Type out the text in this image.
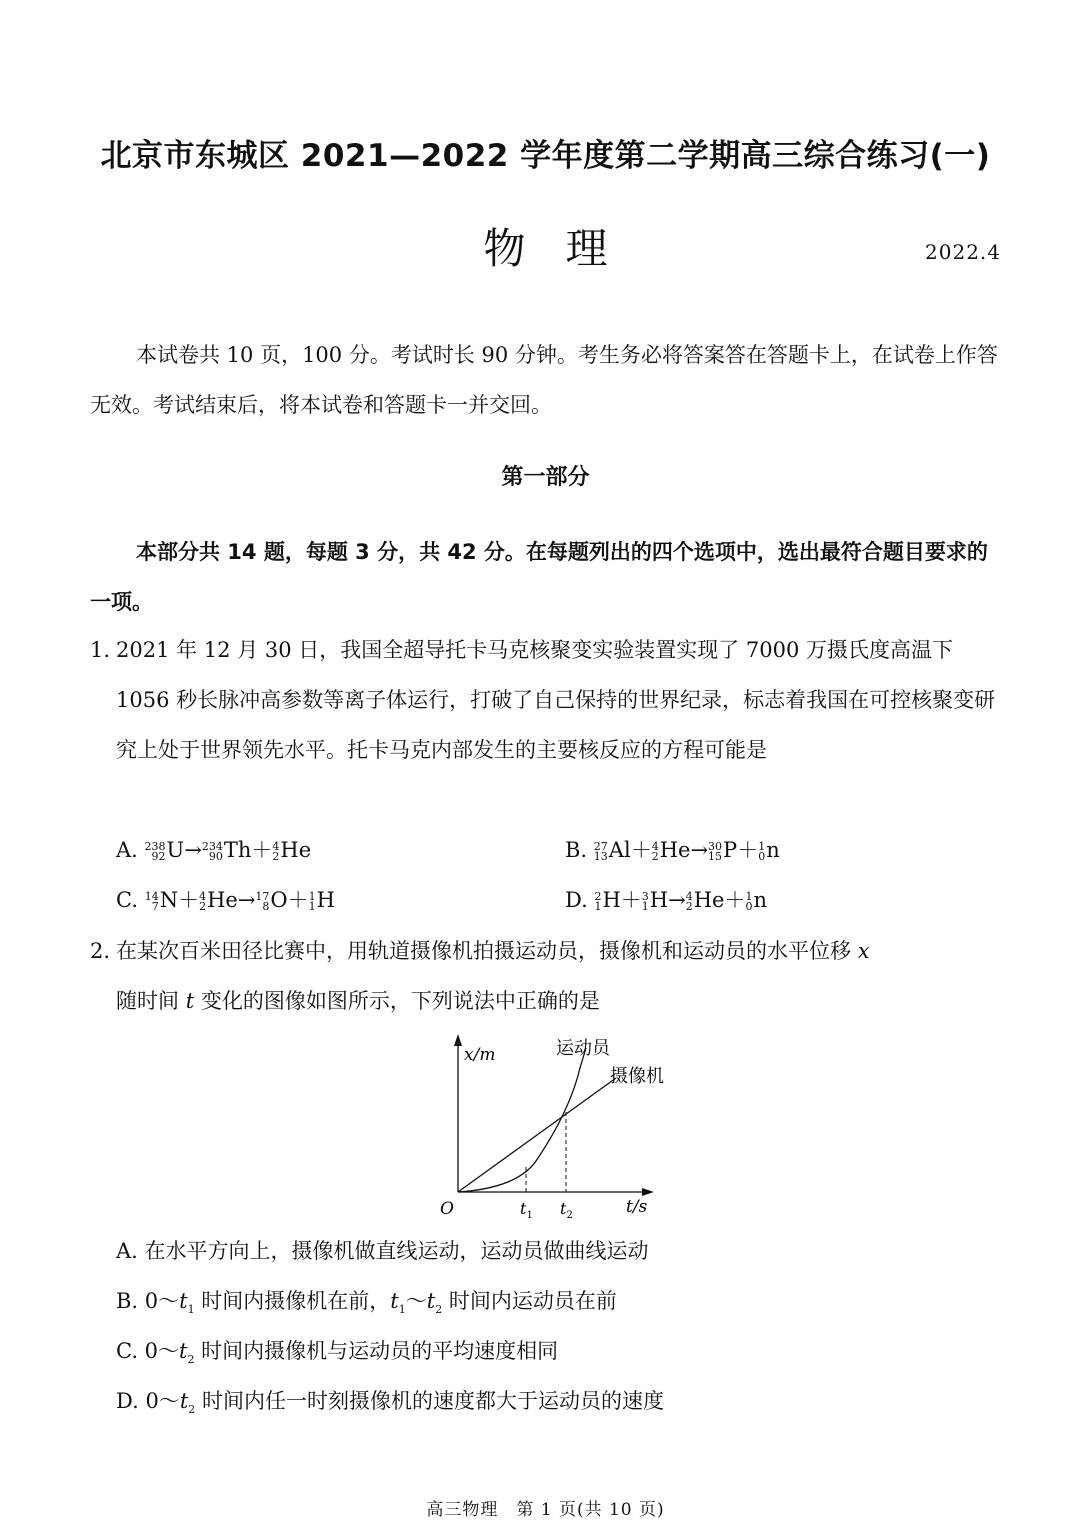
北京市东城区 2021—2022 学年度第二学期高三综合练习(一)
物理	2022.4
本试卷共 10 页，100 分。考试时长 90 分钟。考生务必将答案答在答题卡上，在试卷上作答无效。考试结束后，将本试卷和答题卡一并交回。
第一部分
本部分共 14 题，每题 3 分，共 42 分。在每题列出的四个选项中，选出最符合题目要求的一项。
1. 2021 年 12 月 30 日，我国全超导托卡马克核聚变实验装置实现了 7000 万摄氏度高温下 1056 秒长脉冲高参数等离子体运行，打破了自己保持的世界纪录，标志着我国在可控核聚变研究上处于世界领先水平。托卡马克内部发生的主要核反应的方程可能是
A. 238
92 U→ 234
90 Th＋ 4
2 He	B. 27
13 Al＋ 4
2 He→ 30
15 P＋ 1
0 n
C. 14
7 N＋ 4
2 He→ 17
8 O＋ 1
1 H	D. 2
1 H＋ 3
1 H→ 4
2 He＋ 1
0 n
2. 在某次百米田径比赛中，用轨道摄像机拍摄运动员，摄像机和运动员的水平位移 x
随时间 t 变化的图像如图所示，下列说法中正确的是
x/m
O	$t_1$ $t_2$	t/s
运动员
摄像机
A. 在水平方向上，摄像机做直线运动，运动员做曲线运动
B. $0\sim t_1$ 时间内摄像机在前，$t_1\sim t_2$ 时间内运动员在前
C. $0\sim t_2$ 时间内摄像机与运动员的平均速度相同
D. $0\sim t_2$ 时间内任一时刻摄像机的速度都大于运动员的速度
高三物理　第 1 页(共 10 页)
